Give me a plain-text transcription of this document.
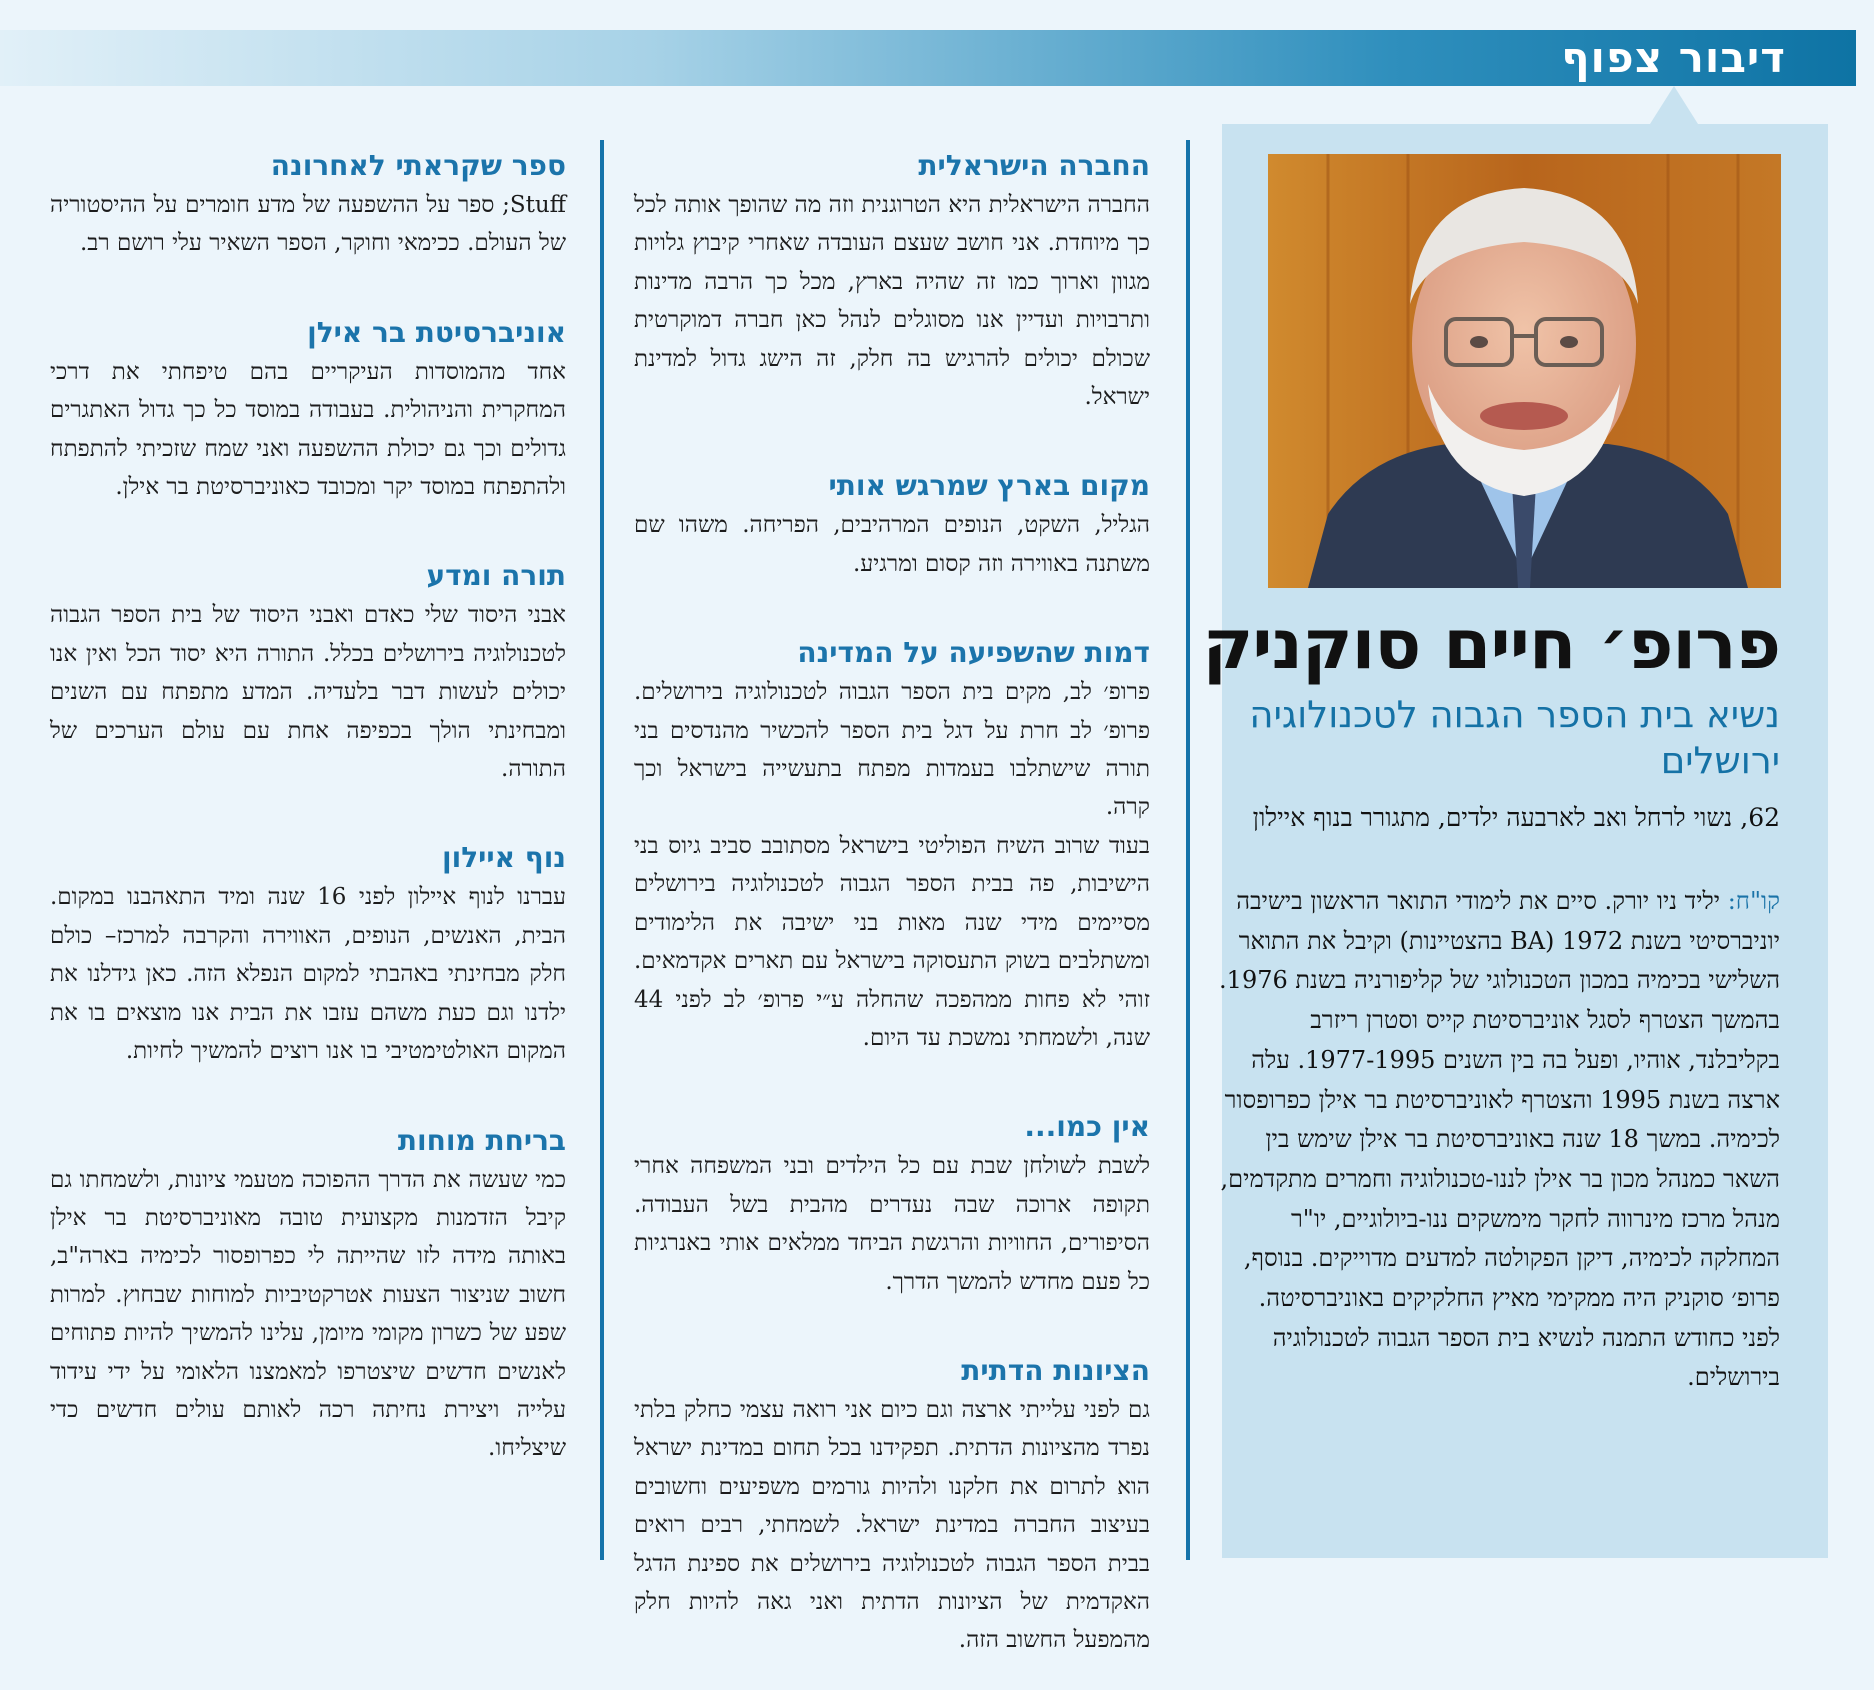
דיבור צפוף
פרופ׳ חיים סוקניק
נשיא בית הספר הגבוה לטכנולוגיה ירושלים
62, נשוי לרחל ואב לארבעה ילדים, מתגורר בנוף איילון
קו"ח: יליד ניו יורק. סיים את לימודי התואר הראשון בישיבה יוניברסיטי בשנת 1972 (BA בהצטיינות) וקיבל את התואר השלישי בכימיה במכון הטכנולוגי של קליפורניה בשנת 1976. בהמשך הצטרף לסגל אוניברסיטת קייס וסטרן ריזרב בקליבלנד, אוהיו, ופעל בה בין השנים 1977-1995. עלה ארצה בשנת 1995 והצטרף לאוניברסיטת בר אילן כפרופסור לכימיה. במשך 18 שנה באוניברסיטת בר אילן שימש בין השאר כמנהל מכון בר אילן לננו-טכנולוגיה וחמרים מתקדמים, מנהל מרכז מינרווה לחקר מימשקים ננו-ביולוגיים, יו"ר המחלקה לכימיה, דיקן הפקולטה למדעים מדוייקים. בנוסף, פרופ׳ סוקניק היה ממקימי מאיץ החלקיקים באוניברסיטה. לפני כחודש התמנה לנשיא בית הספר הגבוה לטכנולוגיה בירושלים.
החברה הישראלית

החברה הישראלית היא הטרוגנית וזה מה שהופך אותה לכל כך מיוחדת. אני חושב שעצם העובדה שאחרי קיבוץ גלויות מגוון וארוך כמו זה שהיה בארץ, מכל כך הרבה מדינות ותרבויות ועדיין אנו מסוגלים לנהל כאן חברה דמוקרטית שכולם יכולים להרגיש בה חלק, זה הישג גדול למדינת ישראל.

מקום בארץ שמרגש אותי

הגליל, השקט, הנופים המרהיבים, הפריחה. משהו שם משתנה באווירה וזה קסום ומרגיע.

דמות שהשפיעה על המדינה

פרופ׳ לב, מקים בית הספר הגבוה לטכנולוגיה בירושלים. פרופ׳ לב חרת על דגל בית הספר להכשיר מהנדסים בני תורה שישתלבו בעמדות מפתח בתעשייה בישראל וכך קרה.

בעוד שרוב השיח הפוליטי בישראל מסתובב סביב גיוס בני הישיבות, פה בבית הספר הגבוה לטכנולוגיה בירושלים מסיימים מידי שנה מאות בני ישיבה את הלימודים ומשתלבים בשוק התעסוקה בישראל עם תארים אקדמאים. זוהי לא פחות ממהפכה שהחלה ע״י פרופ׳ לב לפני 44 שנה, ולשמחתי נמשכת עד היום.

אין כמו...

לשבת לשולחן שבת עם כל הילדים ובני המשפחה אחרי תקופה ארוכה שבה נעדרים מהבית בשל העבודה. הסיפורים, החוויות והרגשת הביחד ממלאים אותי באנרגיות כל פעם מחדש להמשך הדרך.

הציונות הדתית

גם לפני עלייתי ארצה וגם כיום אני רואה עצמי כחלק בלתי נפרד מהציונות הדתית. תפקידנו בכל תחום במדינת ישראל הוא לתרום את חלקנו ולהיות גורמים משפיעים וחשובים בעיצוב החברה במדינת ישראל. לשמחתי, רבים רואים בבית הספר הגבוה לטכנולוגיה בירושלים את ספינת הדגל האקדמית של הציונות הדתית ואני גאה להיות חלק מהמפעל החשוב הזה.

ספר שקראתי לאחרונה

Stuff; ספר על ההשפעה של מדע חומרים על ההיסטוריה של העולם. ככימאי וחוקר, הספר השאיר עלי רושם רב.

אוניברסיטת בר אילן

אחד מהמוסדות העיקריים בהם טיפחתי את דרכי המחקרית והניהולית. בעבודה במוסד כל כך גדול האתגרים גדולים וכך גם יכולת ההשפעה ואני שמח שזכיתי להתפתח ולהתפתח במוסד יקר ומכובד כאוניברסיטת בר אילן.

תורה ומדע

אבני היסוד שלי כאדם ואבני היסוד של בית הספר הגבוה לטכנולוגיה בירושלים בכלל. התורה היא יסוד הכל ואין אנו יכולים לעשות דבר בלעדיה. המדע מתפתח עם השנים ומבחינתי הולך בכפיפה אחת עם עולם הערכים של התורה.

נוף איילון

עברנו לנוף איילון לפני 16 שנה ומיד התאהבנו במקום. הבית, האנשים, הנופים, האווירה והקרבה למרכז– כולם חלק מבחינתי באהבתי למקום הנפלא הזה. כאן גידלנו את ילדנו וגם כעת משהם עזבו את הבית אנו מוצאים בו את המקום האולטימטיבי בו אנו רוצים להמשיך לחיות.

בריחת מוחות

כמי שעשה את הדרך ההפוכה מטעמי ציונות, ולשמחתו גם קיבל הזדמנות מקצועית טובה מאוניברסיטת בר אילן באותה מידה לזו שהייתה לי כפרופסור לכימיה בארה"ב, חשוב שניצור הצעות אטרקטיביות למוחות שבחוץ. למרות שפע של כשרון מקומי מיומן, עלינו להמשיך להיות פתוחים לאנשים חדשים שיצטרפו למאמצנו הלאומי על ידי עידוד עלייה ויצירת נחיתה רכה לאותם עולים חדשים כדי שיצליחו.
